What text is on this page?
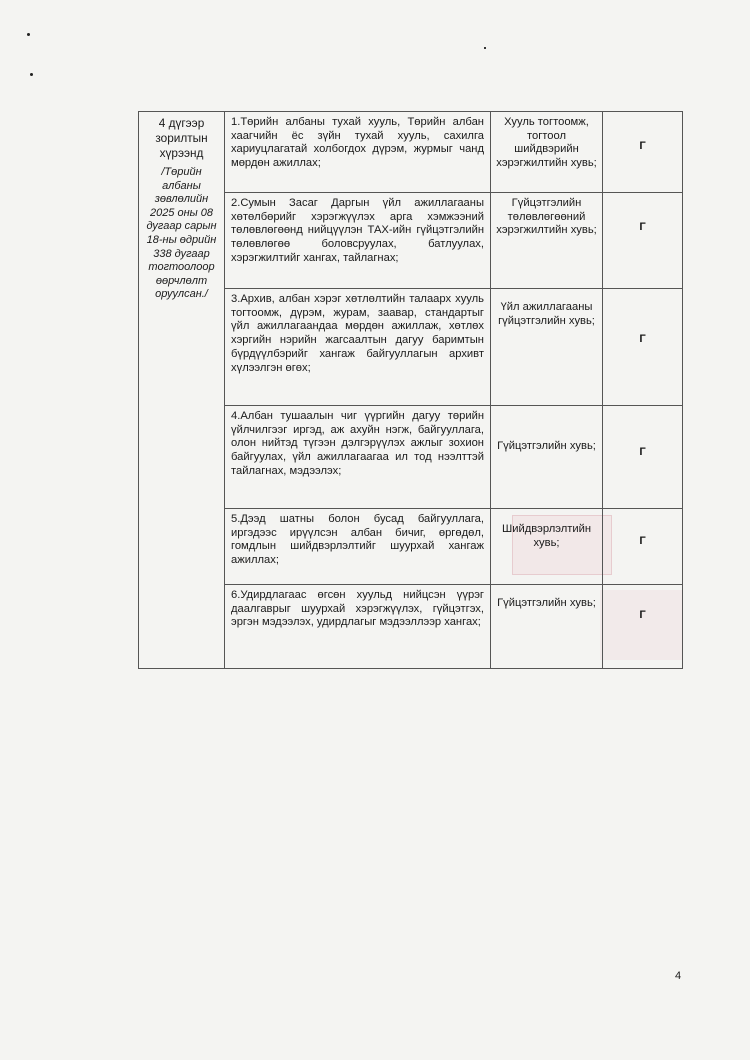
4 дүгээр зорилтын хүрээнд
/Төрийн албаны зөвлөлийн 2025 оны 08 дугаар сарын 18-ны өдрийн 338 дугаар тогтоолоор өөрчлөлт оруулсан./	1.Төрийн албаны тухай хууль, Төрийн албан хаагчийн ёс зүйн тухай хууль, сахилга хариуцлагатай холбогдох дүрэм, журмыг чанд мөрдөн ажиллах;	Хууль тогтоомж, тогтоол шийдвэрийн хэрэгжилтийн хувь;	Г
	2.Сумын Засаг Даргын үйл ажиллагааны хөтөлбөрийг хэрэгжүүлэх арга хэмжээний төлөвлөгөөнд нийцүүлэн ТАХ-ийн гүйцэтгэлийн төлөвлөгөө боловсруулах, батлуулах, хэрэгжилтийг хангах, тайлагнах;	Гүйцэтгэлийн төлөвлөгөөний хэрэгжилтийн хувь;	Г
	3.Архив, албан хэрэг хөтлөлтийн талаарх хууль тогтоомж, дүрэм, журам, заавар, стандартыг үйл ажиллагаандаа мөрдөн ажиллаж, хөтлөх хэргийн нэрийн жагсаалтын дагуу баримтын бүрдүүлбэрийг хангаж байгууллагын архивт хүлээлгэн өгөх;	Үйл ажиллагааны гүйцэтгэлийн хувь;	Г
	4.Албан тушаалын чиг үүргийн дагуу төрийн үйлчилгээг иргэд, аж ахуйн нэгж, байгууллага, олон нийтэд түгээн дэлгэрүүлэх ажлыг зохион байгуулах, үйл ажиллагаагаа ил тод нээлттэй тайлагнах, мэдээлэх;	Гүйцэтгэлийн хувь;	Г
	5.Дээд шатны болон бусад байгууллага, иргэдээс ирүүлсэн албан бичиг, өргөдөл, гомдлын шийдвэрлэлтийг шуурхай хангаж ажиллах;	Шийдвэрлэлтийн хувь;	Г
	6.Удирдлагаас өгсөн хуульд нийцсэн үүрэг даалгаврыг шуурхай хэрэгжүүлэх, гүйцэтгэх, эргэн мэдээлэх, удирдлагыг мэдээллээр хангах;	Гүйцэтгэлийн хувь;	Г
4
